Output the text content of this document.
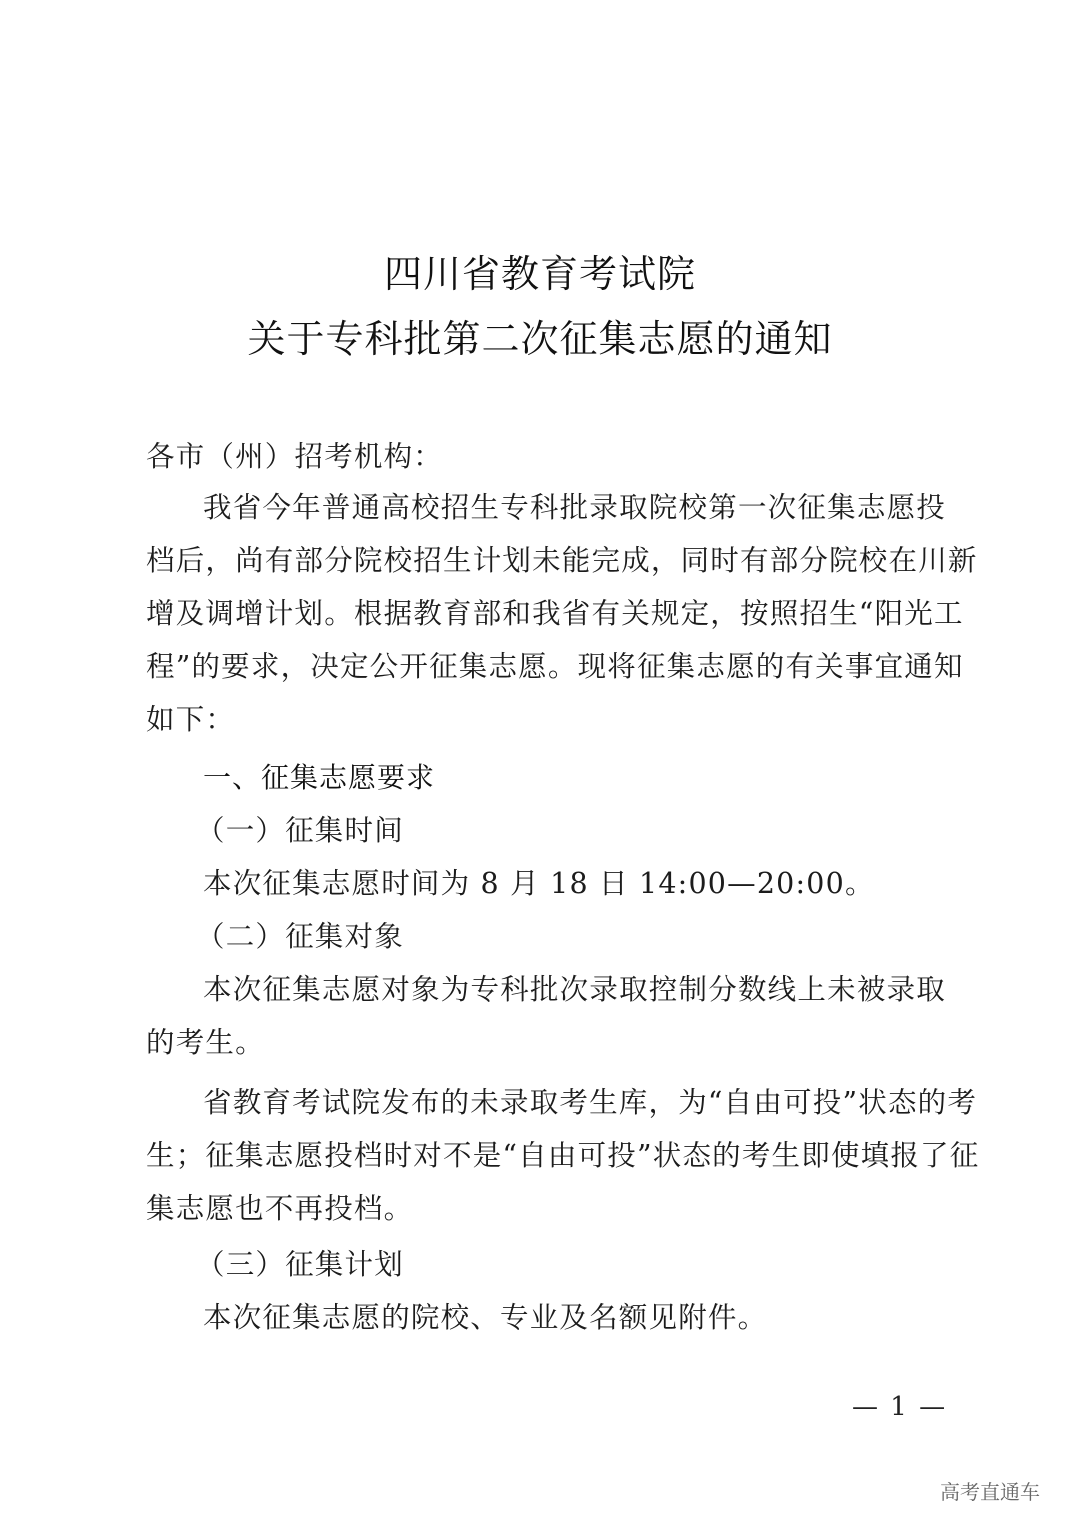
四川省教育考试院
关于专科批第二次征集志愿的通知
各市（州）招考机构：
我省今年普通高校招生专科批录取院校第一次征集志愿投
档后，尚有部分院校招生计划未能完成，同时有部分院校在川新
增及调增计划。根据教育部和我省有关规定，按照招生“阳光工
程”的要求，决定公开征集志愿。现将征集志愿的有关事宜通知
如下：
一、征集志愿要求
（一）征集时间
本次征集志愿时间为 8 月 18 日 14:00—20:00。
（二）征集对象
本次征集志愿对象为专科批次录取控制分数线上未被录取
的考生。
省教育考试院发布的未录取考生库，为“自由可投”状态的考
生；征集志愿投档时对不是“自由可投”状态的考生即使填报了征
集志愿也不再投档。
（三）征集计划
本次征集志愿的院校、专业及名额见附件。
— 1 —
高考直通车
